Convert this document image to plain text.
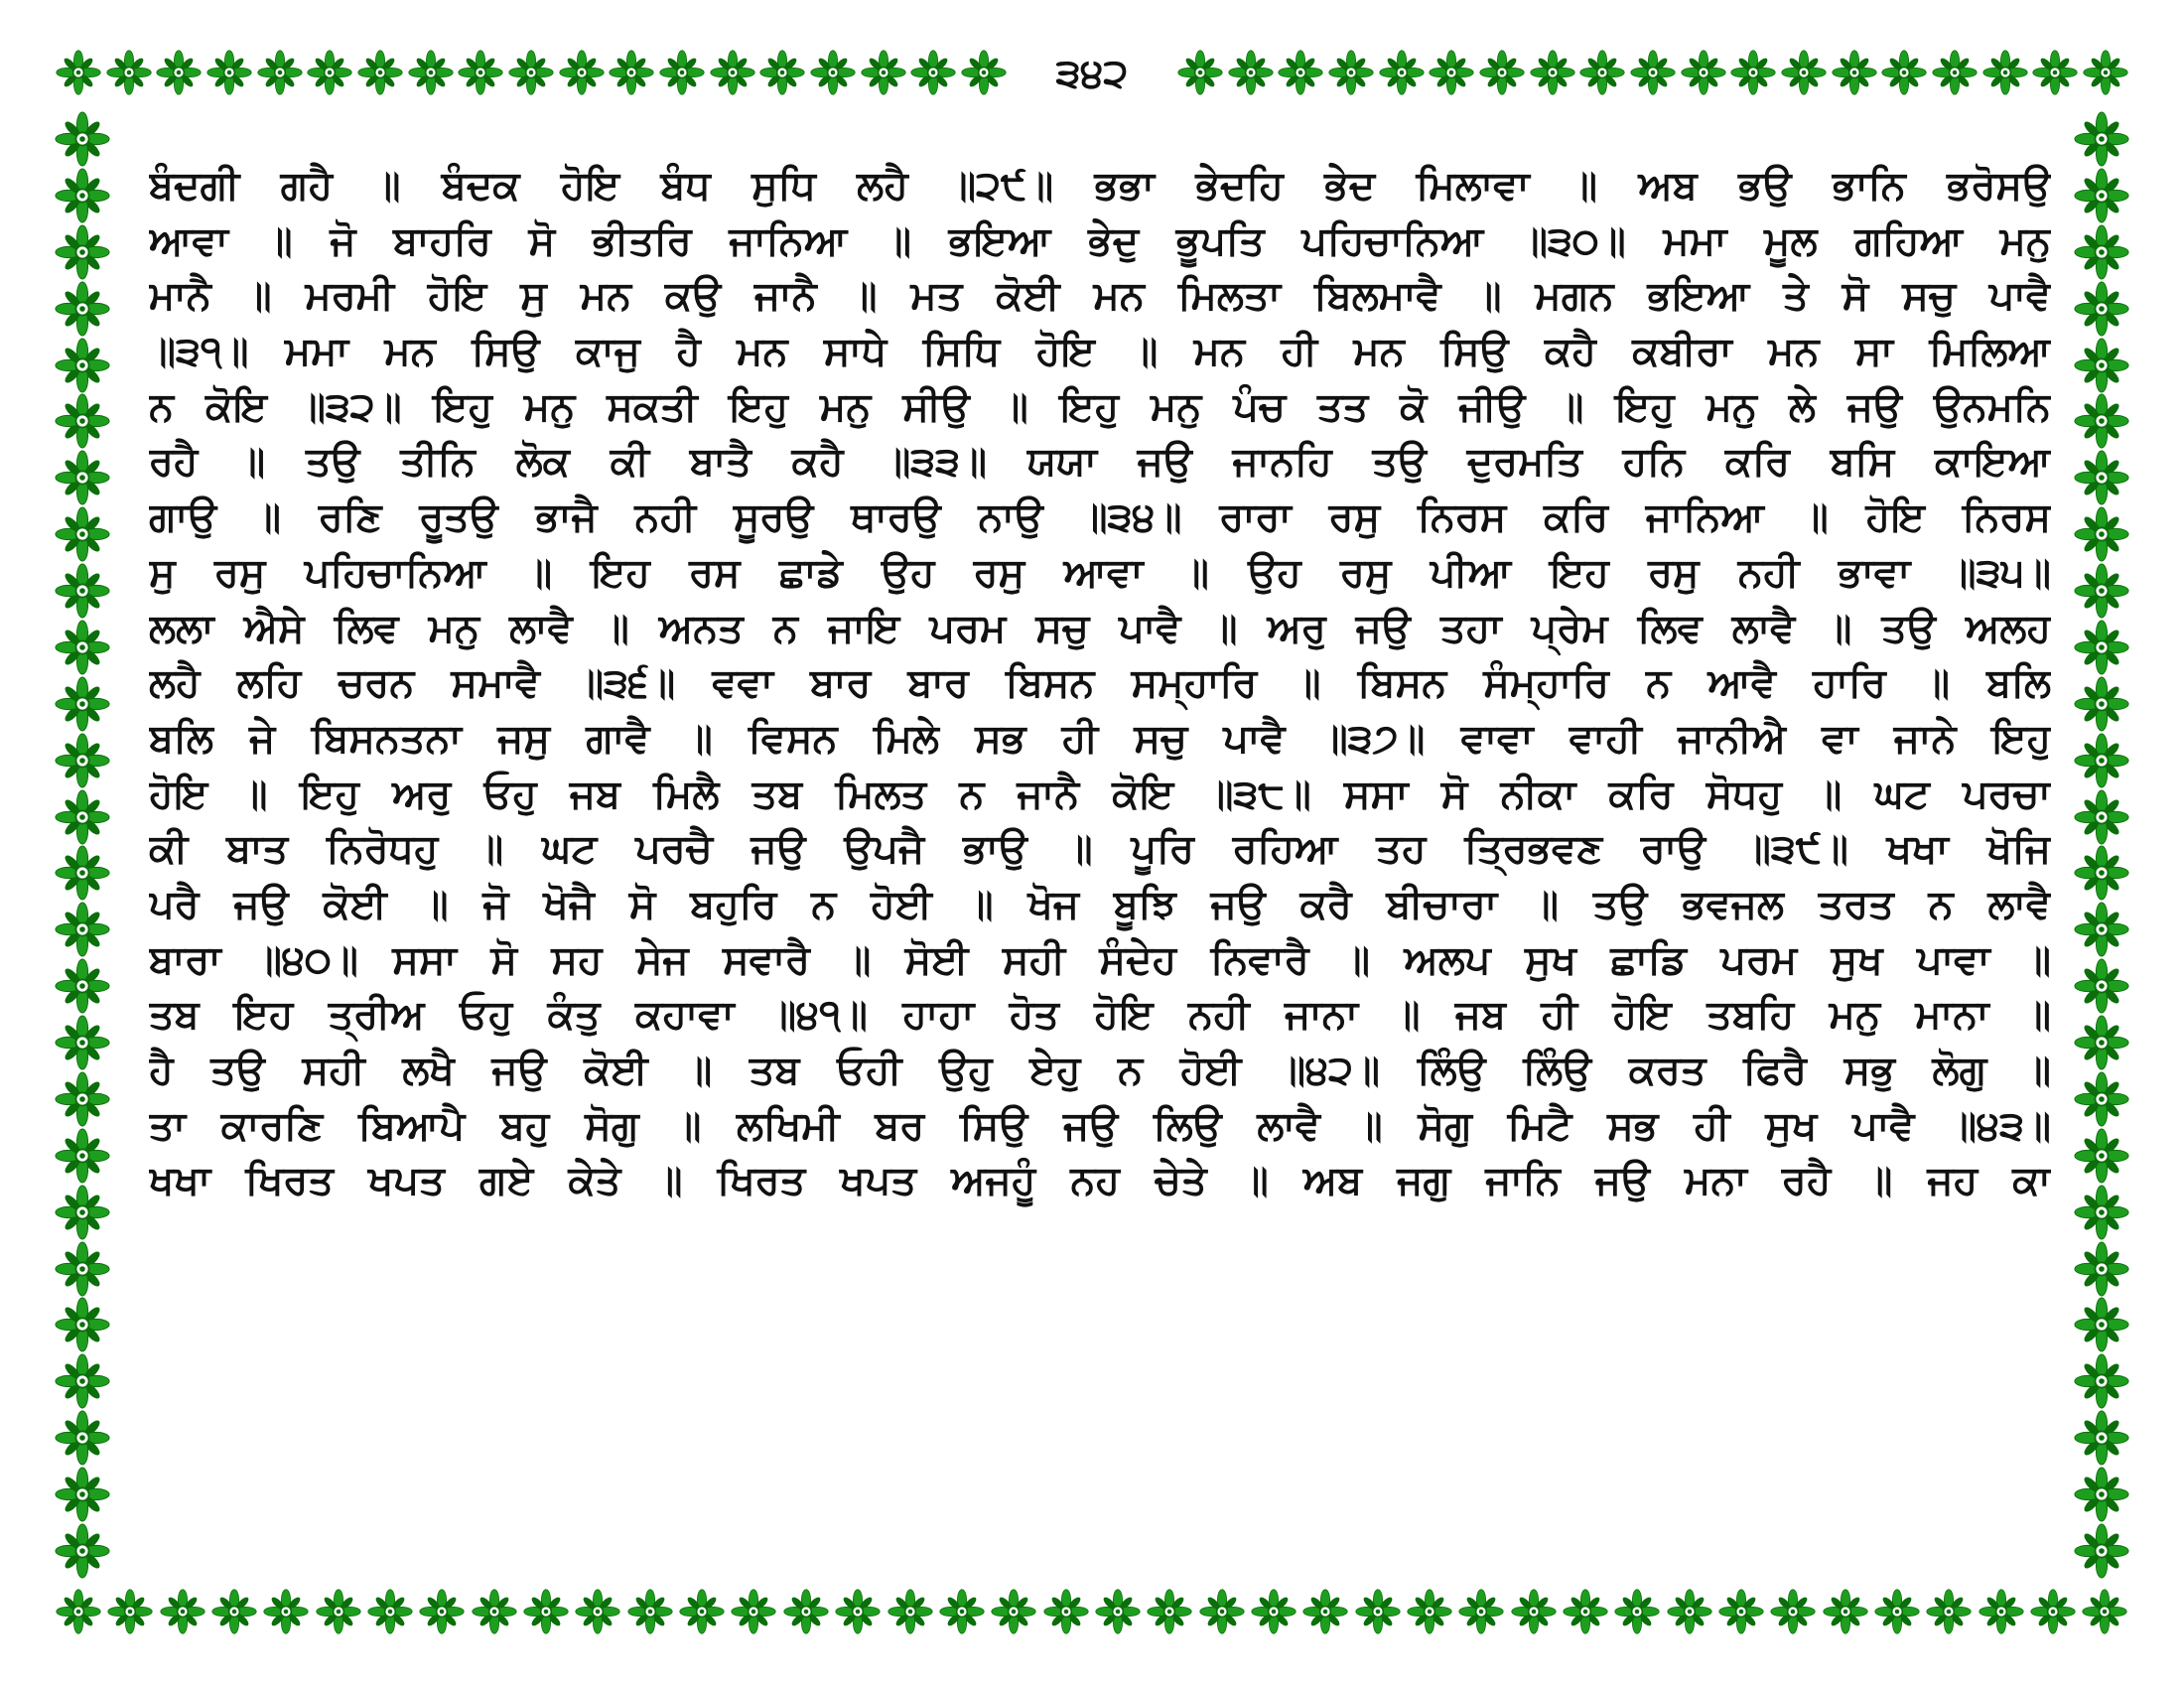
੩੪੨
ਬੰਦਗੀ ਗਹੈ ॥ ਬੰਦਕ ਹੋਇ ਬੰਧ ਸੁਧਿ ਲਹੈ ॥੨੯॥ ਭਭਾ ਭੇਦਹਿ ਭੇਦ ਮਿਲਾਵਾ ॥ ਅਬ ਭਉ ਭਾਨਿ ਭਰੋਸਉ
ਆਵਾ ॥ ਜੋ ਬਾਹਰਿ ਸੋ ਭੀਤਰਿ ਜਾਨਿਆ ॥ ਭਇਆ ਭੇਦੁ ਭੂਪਤਿ ਪਹਿਚਾਨਿਆ ॥੩੦॥ ਮਮਾ ਮੂਲ ਗਹਿਆ ਮਨੁ
ਮਾਨੈ ॥ ਮਰਮੀ ਹੋਇ ਸੁ ਮਨ ਕਉ ਜਾਨੈ ॥ ਮਤ ਕੋਈ ਮਨ ਮਿਲਤਾ ਬਿਲਮਾਵੈ ॥ ਮਗਨ ਭਇਆ ਤੇ ਸੋ ਸਚੁ ਪਾਵੈ
॥੩੧॥ ਮਮਾ ਮਨ ਸਿਉ ਕਾਜੁ ਹੈ ਮਨ ਸਾਧੇ ਸਿਧਿ ਹੋਇ ॥ ਮਨ ਹੀ ਮਨ ਸਿਉ ਕਹੈ ਕਬੀਰਾ ਮਨ ਸਾ ਮਿਲਿਆ
ਨ ਕੋਇ ॥੩੨॥ ਇਹੁ ਮਨੁ ਸਕਤੀ ਇਹੁ ਮਨੁ ਸੀਉ ॥ ਇਹੁ ਮਨੁ ਪੰਚ ਤਤ ਕੋ ਜੀਉ ॥ ਇਹੁ ਮਨੁ ਲੇ ਜਉ ਉਨਮਨਿ
ਰਹੈ ॥ ਤਉ ਤੀਨਿ ਲੋਕ ਕੀ ਬਾਤੈ ਕਹੈ ॥੩੩॥ ਯਯਾ ਜਉ ਜਾਨਹਿ ਤਉ ਦੁਰਮਤਿ ਹਨਿ ਕਰਿ ਬਸਿ ਕਾਇਆ
ਗਾਉ ॥ ਰਣਿ ਰੂਤਉ ਭਾਜੈ ਨਹੀ ਸੂਰਉ ਥਾਰਉ ਨਾਉ ॥੩੪॥ ਰਾਰਾ ਰਸੁ ਨਿਰਸ ਕਰਿ ਜਾਨਿਆ ॥ ਹੋਇ ਨਿਰਸ
ਸੁ ਰਸੁ ਪਹਿਚਾਨਿਆ ॥ ਇਹ ਰਸ ਛਾਡੇ ਉਹ ਰਸੁ ਆਵਾ ॥ ਉਹ ਰਸੁ ਪੀਆ ਇਹ ਰਸੁ ਨਹੀ ਭਾਵਾ ॥੩੫॥
ਲਲਾ ਐਸੇ ਲਿਵ ਮਨੁ ਲਾਵੈ ॥ ਅਨਤ ਨ ਜਾਇ ਪਰਮ ਸਚੁ ਪਾਵੈ ॥ ਅਰੁ ਜਉ ਤਹਾ ਪ੍ਰੇਮ ਲਿਵ ਲਾਵੈ ॥ ਤਉ ਅਲਹ
ਲਹੈ ਲਹਿ ਚਰਨ ਸਮਾਵੈ ॥੩੬॥ ਵਵਾ ਬਾਰ ਬਾਰ ਬਿਸਨ ਸਮ੍ਹਾਰਿ ॥ ਬਿਸਨ ਸੰਮ੍ਹਾਰਿ ਨ ਆਵੈ ਹਾਰਿ ॥ ਬਲਿ
ਬਲਿ ਜੇ ਬਿਸਨਤਨਾ ਜਸੁ ਗਾਵੈ ॥ ਵਿਸਨ ਮਿਲੇ ਸਭ ਹੀ ਸਚੁ ਪਾਵੈ ॥੩੭॥ ਵਾਵਾ ਵਾਹੀ ਜਾਨੀਐ ਵਾ ਜਾਨੇ ਇਹੁ
ਹੋਇ ॥ ਇਹੁ ਅਰੁ ਓਹੁ ਜਬ ਮਿਲੈ ਤਬ ਮਿਲਤ ਨ ਜਾਨੈ ਕੋਇ ॥੩੮॥ ਸਸਾ ਸੋ ਨੀਕਾ ਕਰਿ ਸੋਧਹੁ ॥ ਘਟ ਪਰਚਾ
ਕੀ ਬਾਤ ਨਿਰੋਧਹੁ ॥ ਘਟ ਪਰਚੈ ਜਉ ਉਪਜੈ ਭਾਉ ॥ ਪੂਰਿ ਰਹਿਆ ਤਹ ਤ੍ਰਿਭਵਣ ਰਾਉ ॥੩੯॥ ਖਖਾ ਖੋਜਿ
ਪਰੈ ਜਉ ਕੋਈ ॥ ਜੋ ਖੋਜੈ ਸੋ ਬਹੁਰਿ ਨ ਹੋਈ ॥ ਖੋਜ ਬੂਝਿ ਜਉ ਕਰੈ ਬੀਚਾਰਾ ॥ ਤਉ ਭਵਜਲ ਤਰਤ ਨ ਲਾਵੈ
ਬਾਰਾ ॥੪੦॥ ਸਸਾ ਸੋ ਸਹ ਸੇਜ ਸਵਾਰੈ ॥ ਸੋਈ ਸਹੀ ਸੰਦੇਹ ਨਿਵਾਰੈ ॥ ਅਲਪ ਸੁਖ ਛਾਡਿ ਪਰਮ ਸੁਖ ਪਾਵਾ ॥
ਤਬ ਇਹ ਤ੍ਰੀਅ ਓਹੁ ਕੰਤੁ ਕਹਾਵਾ ॥੪੧॥ ਹਾਹਾ ਹੋਤ ਹੋਇ ਨਹੀ ਜਾਨਾ ॥ ਜਬ ਹੀ ਹੋਇ ਤਬਹਿ ਮਨੁ ਮਾਨਾ ॥
ਹੈ ਤਉ ਸਹੀ ਲਖੈ ਜਉ ਕੋਈ ॥ ਤਬ ਓਹੀ ਉਹੁ ਏਹੁ ਨ ਹੋਈ ॥੪੨॥ ਲਿੰਉ ਲਿੰਉ ਕਰਤ ਫਿਰੈ ਸਭੁ ਲੋਗੁ ॥
ਤਾ ਕਾਰਣਿ ਬਿਆਪੈ ਬਹੁ ਸੋਗੁ ॥ ਲਖਿਮੀ ਬਰ ਸਿਉ ਜਉ ਲਿਉ ਲਾਵੈ ॥ ਸੋਗੁ ਮਿਟੈ ਸਭ ਹੀ ਸੁਖ ਪਾਵੈ ॥੪੩॥
ਖਖਾ ਖਿਰਤ ਖਪਤ ਗਏ ਕੇਤੇ ॥ ਖਿਰਤ ਖਪਤ ਅਜਹੂੰ ਨਹ ਚੇਤੇ ॥ ਅਬ ਜਗੁ ਜਾਨਿ ਜਉ ਮਨਾ ਰਹੈ ॥ ਜਹ ਕਾ
